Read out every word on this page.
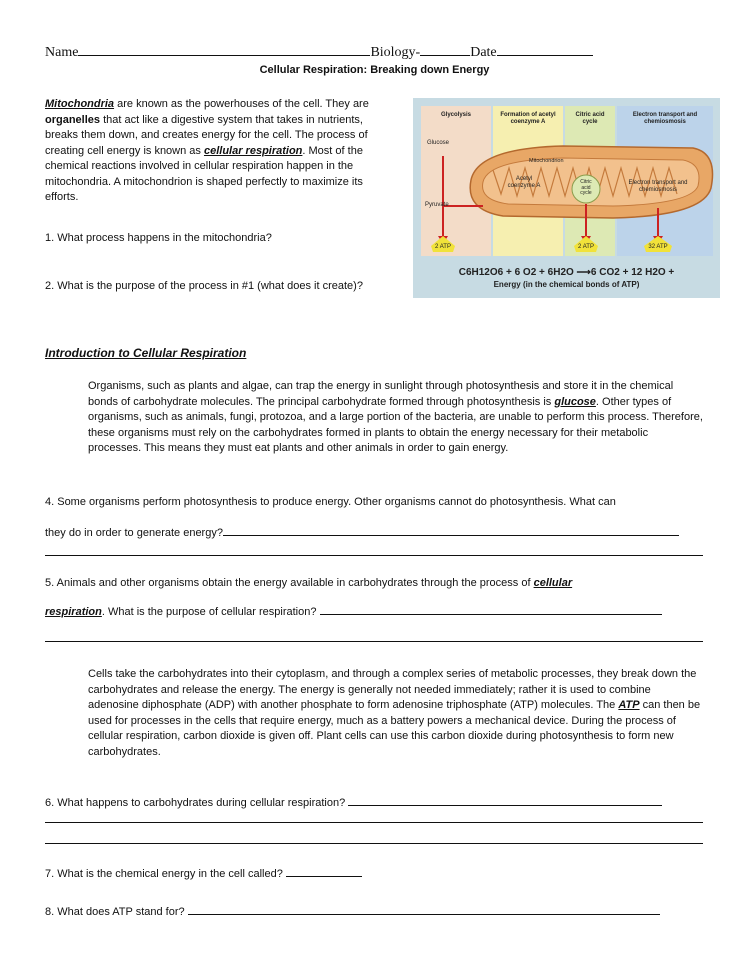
Name	Biology-	Date
Cellular Respiration: Breaking down Energy
Mitochondria are known as the powerhouses of the cell. They are organelles that act like a digestive system that takes in nutrients, breaks them down, and creates energy for the cell. The process of creating cell energy is known as cellular respiration. Most of the chemical reactions involved in cellular respiration happen in the mitochondria. A mitochondrion is shaped perfectly to maximize its efforts.
1. What process happens in the mitochondria?
2. What is the purpose of the process in #1 (what does it create)?
Glycolysis	Formation of acetyl coenzyme A
Citric acid cycle
Electron transport and chemiosmosis
Glucose
Pyruvate
Mitochondrion
Acetyl coenzyme A
Citric acid cycle
Electron transport and chemiosmosis
2 ATP	2 ATP	32 ATP
C6H12O6 + 6 O2 + 6H2O ⟶6 CO2 + 12 H2O +
Energy (in the chemical bonds of ATP)
Introduction to Cellular Respiration
Organisms, such as plants and algae, can trap the energy in sunlight through photosynthesis and store it in the chemical bonds of carbohydrate molecules. The principal carbohydrate formed through photosynthesis is glucose. Other types of organisms, such as animals, fungi, protozoa, and a large portion of the bacteria, are unable to perform this process. Therefore, these organisms must rely on the carbohydrates formed in plants to obtain the energy necessary for their metabolic processes. This means they must eat plants and other animals in order to gain energy.
4. Some organisms perform photosynthesis to produce energy. Other organisms cannot do photosynthesis. What can
they do in order to generate energy?
5. Animals and other organisms obtain the energy available in carbohydrates through the process of cellular
respiration. What is the purpose of cellular respiration?
Cells take the carbohydrates into their cytoplasm, and through a complex series of metabolic processes, they break down the carbohydrates and release the energy. The energy is generally not needed immediately; rather it is used to combine adenosine diphosphate (ADP) with another phosphate to form adenosine triphosphate (ATP) molecules. The ATP can then be used for processes in the cells that require energy, much as a battery powers a mechanical device. During the process of cellular respiration, carbon dioxide is given off. Plant cells can use this carbon dioxide during photosynthesis to form new carbohydrates.
6. What happens to carbohydrates during cellular respiration?
7. What is the chemical energy in the cell called?
8. What does ATP stand for?
